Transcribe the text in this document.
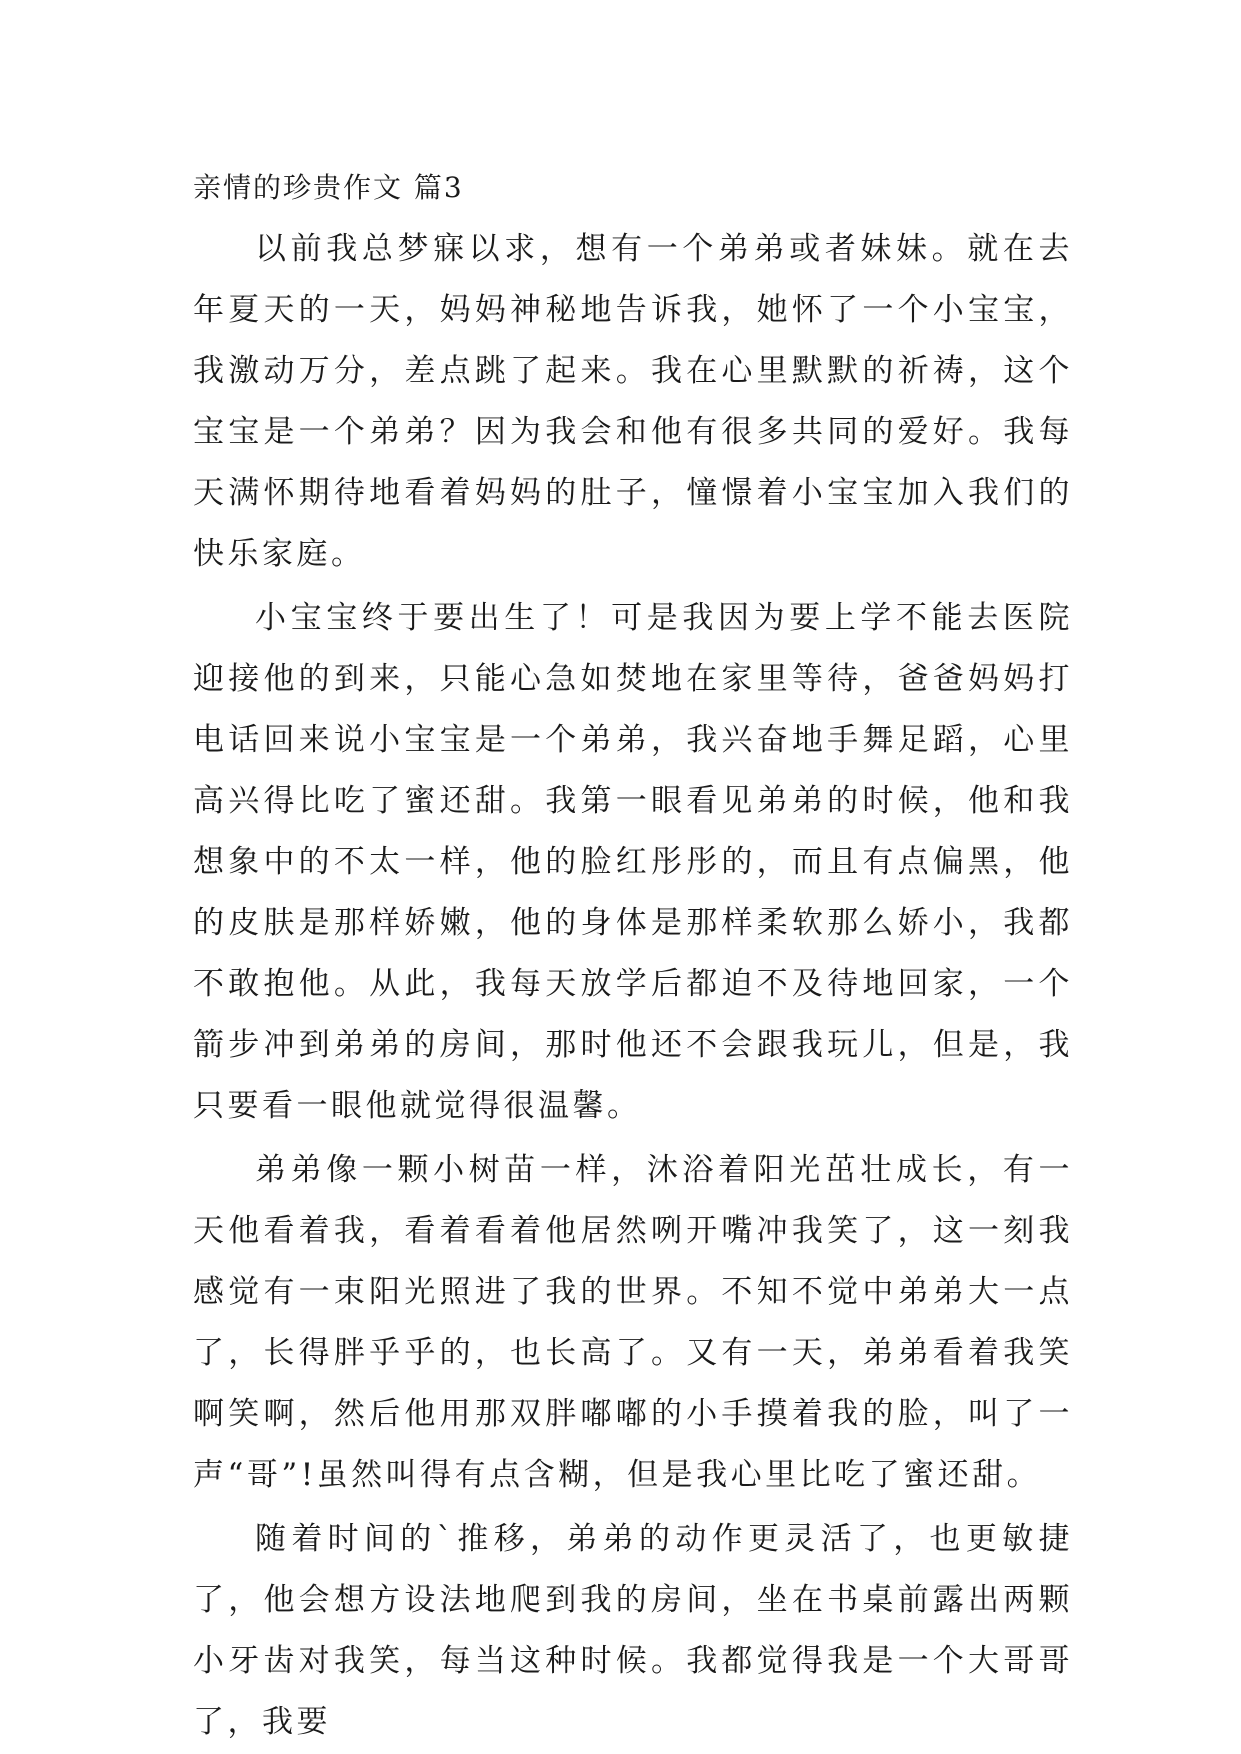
亲情的珍贵作文 篇3

以前我总梦寐以求，想有一个弟弟或者妹妹。就在去年夏天的一天，妈妈神秘地告诉我，她怀了一个小宝宝，我激动万分，差点跳了起来。我在心里默默的祈祷，这个宝宝是一个弟弟？因为我会和他有很多共同的爱好。我每天满怀期待地看着妈妈的肚子，憧憬着小宝宝加入我们的快乐家庭。

小宝宝终于要出生了！可是我因为要上学不能去医院迎接他的到来，只能心急如焚地在家里等待，爸爸妈妈打电话回来说小宝宝是一个弟弟，我兴奋地手舞足蹈，心里高兴得比吃了蜜还甜。我第一眼看见弟弟的时候，他和我想象中的不太一样，他的脸红彤彤的，而且有点偏黑，他的皮肤是那样娇嫩，他的身体是那样柔软那么娇小，我都不敢抱他。从此，我每天放学后都迫不及待地回家，一个箭步冲到弟弟的房间，那时他还不会跟我玩儿，但是，我只要看一眼他就觉得很温馨。

弟弟像一颗小树苗一样，沐浴着阳光茁壮成长，有一天他看着我，看着看着他居然咧开嘴冲我笑了，这一刻我感觉有一束阳光照进了我的世界。不知不觉中弟弟大一点了，长得胖乎乎的，也长高了。又有一天，弟弟看着我笑啊笑啊，然后他用那双胖嘟嘟的小手摸着我的脸，叫了一声“哥”!虽然叫得有点含糊，但是我心里比吃了蜜还甜。

随着时间的`推移，弟弟的动作更灵活了，也更敏捷了，他会想方设法地爬到我的房间，坐在书桌前露出两颗小牙齿对我笑，每当这种时候。我都觉得我是一个大哥哥了，我要
